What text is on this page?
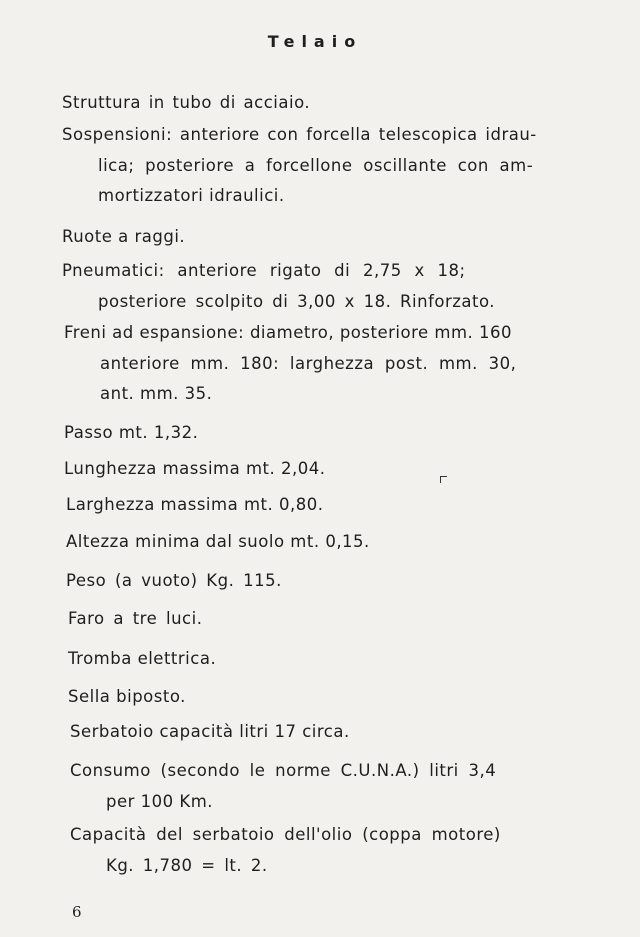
Telaio
Struttura in tubo di acciaio.
Sospensioni: anteriore con forcella telescopica idrau-
lica; posteriore a forcellone oscillante con am-
mortizzatori idraulici.
Ruote a raggi.
Pneumatici: anteriore rigato di 2,75 x 18;
posteriore scolpito di 3,00 x 18. Rinforzato.
Freni ad espansione: diametro, posteriore mm. 160
anteriore mm. 180: larghezza post. mm. 30,
ant. mm. 35.
Passo mt. 1,32.
Lunghezza massima mt. 2,04.
Larghezza massima mt. 0,80.
Altezza minima dal suolo mt. 0,15.
Peso (a vuoto) Kg. 115.
Faro a tre luci.
Tromba elettrica.
Sella biposto.
Serbatoio capacità litri 17 circa.
Consumo (secondo le norme C.U.N.A.) litri 3,4
per 100 Km.
Capacità del serbatoio dell'olio (coppa motore)
Kg. 1,780 = lt. 2.
6
